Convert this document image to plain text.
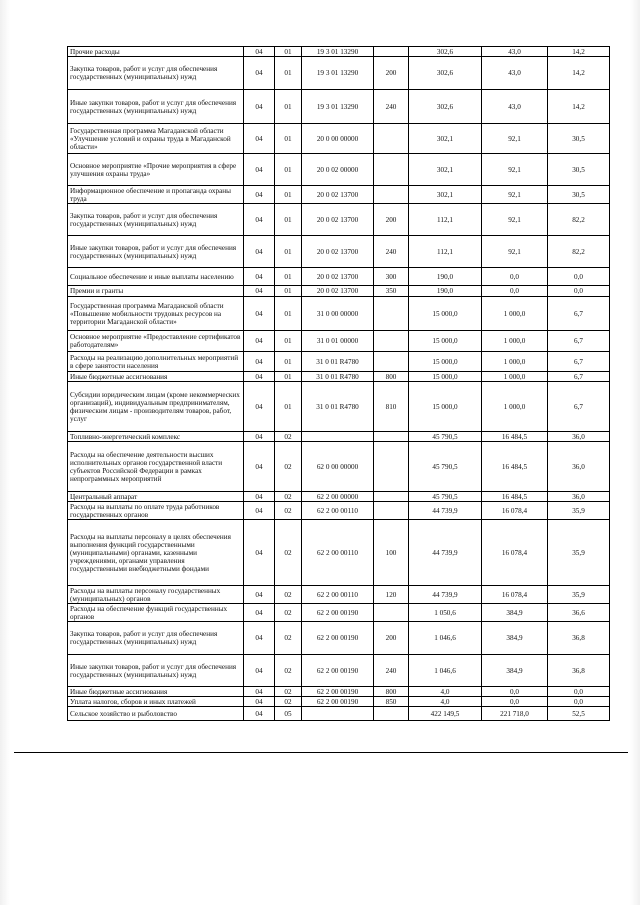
Прочие расходы	04	01	19 3 01 13290		302,6	43,0	14,2
Закупка товаров, работ и услуг для обеспечения государственных (муниципальных) нужд	04	01	19 3 01 13290	200	302,6	43,0	14,2
Иные закупки товаров, работ и услуг для обеспечения государственных (муниципальных) нужд	04	01	19 3 01 13290	240	302,6	43,0	14,2
Государственная программа Магаданской области «Улучшение условий и охраны труда в Магаданской области»	04	01	20 0 00 00000		302,1	92,1	30,5
Основное мероприятие «Прочие мероприятия в сфере улучшения охраны труда»	04	01	20 0 02 00000		302,1	92,1	30,5
Информационное обеспечение и пропаганда охраны труда	04	01	20 0 02 13700		302,1	92,1	30,5
Закупка товаров, работ и услуг для обеспечения государственных (муниципальных) нужд	04	01	20 0 02 13700	200	112,1	92,1	82,2
Иные закупки товаров, работ и услуг для обеспечения государственных (муниципальных) нужд	04	01	20 0 02 13700	240	112,1	92,1	82,2
Социальное обеспечение и иные выплаты населению	04	01	20 0 02 13700	300	190,0	0,0	0,0
Премии и гранты	04	01	20 0 02 13700	350	190,0	0,0	0,0
Государственная программа Магаданской области «Повышение мобильности трудовых ресурсов на территории Магаданской области»	04	01	31 0 00 00000		15 000,0	1 000,0	6,7
Основное мероприятие «Предоставление сертификатов работодателям»	04	01	31 0 01 00000		15 000,0	1 000,0	6,7
Расходы на реализацию дополнительных мероприятий в сфере занятости населения	04	01	31 0 01 R4780		15 000,0	1 000,0	6,7
Иные бюджетные ассигнования	04	01	31 0 01 R4780	800	15 000,0	1 000,0	6,7
Субсидии юридическим лицам (кроме некоммерческих организаций), индивидуальным предпринимателям, физическим лицам - производителям товаров, работ, услуг	04	01	31 0 01 R4780	810	15 000,0	1 000,0	6,7
Топливно-энергетический комплекс	04	02			45 790,5	16 484,5	36,0
Расходы на обеспечение деятельности высших исполнительных органов государственной власти субъектов Российской Федерации в рамках непрограммных мероприятий	04	02	62 0 00 00000		45 790,5	16 484,5	36,0
Центральный аппарат	04	02	62 2 00 00000		45 790,5	16 484,5	36,0
Расходы на выплаты по оплате труда работников государственных органов	04	02	62 2 00 00110		44 739,9	16 078,4	35,9
Расходы на выплаты персоналу в целях обеспечения выполнения функций государственными (муниципальными) органами, казенными учреждениями, органами управления государственными внебюджетными фондами	04	02	62 2 00 00110	100	44 739,9	16 078,4	35,9
Расходы на выплаты персоналу государственных (муниципальных) органов	04	02	62 2 00 00110	120	44 739,9	16 078,4	35,9
Расходы на обеспечение функций государственных органов	04	02	62 2 00 00190		1 050,6	384,9	36,6
Закупка товаров, работ и услуг для обеспечения государственных (муниципальных) нужд	04	02	62 2 00 00190	200	1 046,6	384,9	36,8
Иные закупки товаров, работ и услуг для обеспечения государственных (муниципальных) нужд	04	02	62 2 00 00190	240	1 046,6	384,9	36,8
Иные бюджетные ассигнования	04	02	62 2 00 00190	800	4,0	0,0	0,0
Уплата налогов, сборов и иных платежей	04	02	62 2 00 00190	850	4,0	0,0	0,0
Сельское хозяйство и рыболовство	04	05			422 149,5	221 718,0	52,5
